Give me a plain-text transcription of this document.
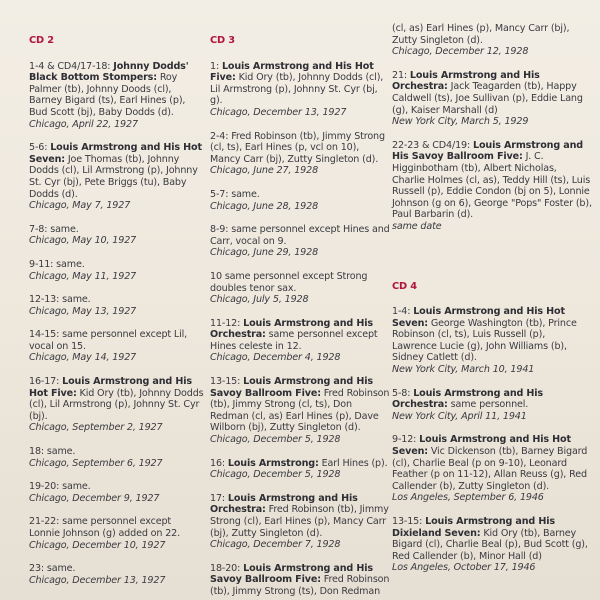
CD 2
1-4 & CD4/17-18: Johnny Dodds' Black Bottom Stompers: Roy Palmer (tb), Johnny Doods (cl), Barney Bigard (ts), Earl Hines (p), Bud Scott (bj), Baby Dodds (d).
Chicago, April 22, 1927
5-6: Louis Armstrong and His Hot Seven: Joe Thomas (tb), Johnny Dodds (cl), Lil Armstrong (p), Johnny St. Cyr (bj), Pete Briggs (tu), Baby Dodds (d).
Chicago, May 7, 1927
7-8: same.
Chicago, May 10, 1927
9-11: same.
Chicago, May 11, 1927
12-13: same.
Chicago, May 13, 1927
14-15: same personnel except Lil, vocal on 15.
Chicago, May 14, 1927
16-17: Louis Armstrong and His Hot Five: Kid Ory (tb), Johnny Dodds (cl), Lil Armstrong (p), Johnny St. Cyr (bj).
Chicago, September 2, 1927
18: same.
Chicago, September 6, 1927
19-20: same.
Chicago, December 9, 1927
21-22: same personnel except Lonnie Johnson (g) added on 22.
Chicago, December 10, 1927
23: same.
Chicago, December 13, 1927
CD 3
1: Louis Armstrong and His Hot Five: Kid Ory (tb), Johnny Dodds (cl), Lil Armstrong (p), Johnny St. Cyr (bj, g).
Chicago, December 13, 1927
2-4: Fred Robinson (tb), Jimmy Strong (cl, ts), Earl Hines (p, vcl on 10), Mancy Carr (bj), Zutty Singleton (d).
Chicago, June 27, 1928
5-7: same.
Chicago, June 28, 1928
8-9: same personnel except Hines and Carr, vocal on 9.
Chicago, June 29, 1928
10 same personnel except Strong doubles tenor sax.
Chicago, July 5, 1928
11-12: Louis Armstrong and His Orchestra: same personnel except Hines celeste in 12.
Chicago, December 4, 1928
13-15: Louis Armstrong and His Savoy Ballroom Five: Fred Robinson (tb), Jimmy Strong (cl, ts), Don Redman (cl, as) Earl Hines (p), Dave Wilborn (bj), Zutty Singleton (d).
Chicago, December 5, 1928
16: Louis Armstrong: Earl Hines (p).
Chicago, December 5, 1928
17: Louis Armstrong and His Orchestra: Fred Robinson (tb), Jimmy Strong (cl), Earl Hines (p), Mancy Carr (bj), Zutty Singleton (d).
Chicago, December 7, 1928
18-20: Louis Armstrong and His Savoy Ballroom Five: Fred Robinson (tb), Jimmy Strong (ts), Don Redman
(cl, as) Earl Hines (p), Mancy Carr (bj), Zutty Singleton (d).
Chicago, December 12, 1928
21: Louis Armstrong and His Orchestra: Jack Teagarden (tb), Happy Caldwell (ts), Joe Sullivan (p), Eddie Lang (g), Kaiser Marshall (d)
New York City, March 5, 1929
22-23 & CD4/19: Louis Armstrong and His Savoy Ballroom Five: J. C. Higginbotham (tb), Albert Nicholas, Charlie Holmes (cl, as), Teddy Hill (ts), Luis Russell (p), Eddie Condon (bj on 5), Lonnie Johnson (g on 6), George "Pops" Foster (b), Paul Barbarin (d).
same date
CD 4
1-4: Louis Armstrong and His Hot Seven: George Washington (tb), Prince Robinson (cl, ts), Luis Russell (p), Lawrence Lucie (g), John Williams (b), Sidney Catlett (d).
New York City, March 10, 1941
5-8: Louis Armstrong and His Orchestra: same personnel.
New York City, April 11, 1941
9-12: Louis Armstrong and His Hot Seven: Vic Dickenson (tb), Barney Bigard (cl), Charlie Beal (p on 9-10), Leonard Feather (p on 11-12), Allan Reuss (g), Red Callender (b), Zutty Singleton (d).
Los Angeles, September 6, 1946
13-15: Louis Armstrong and His Dixieland Seven: Kid Ory (tb), Barney Bigard (cl), Charlie Beal (p), Bud Scott (g), Red Callender (b), Minor Hall (d)
Los Angeles, October 17, 1946
